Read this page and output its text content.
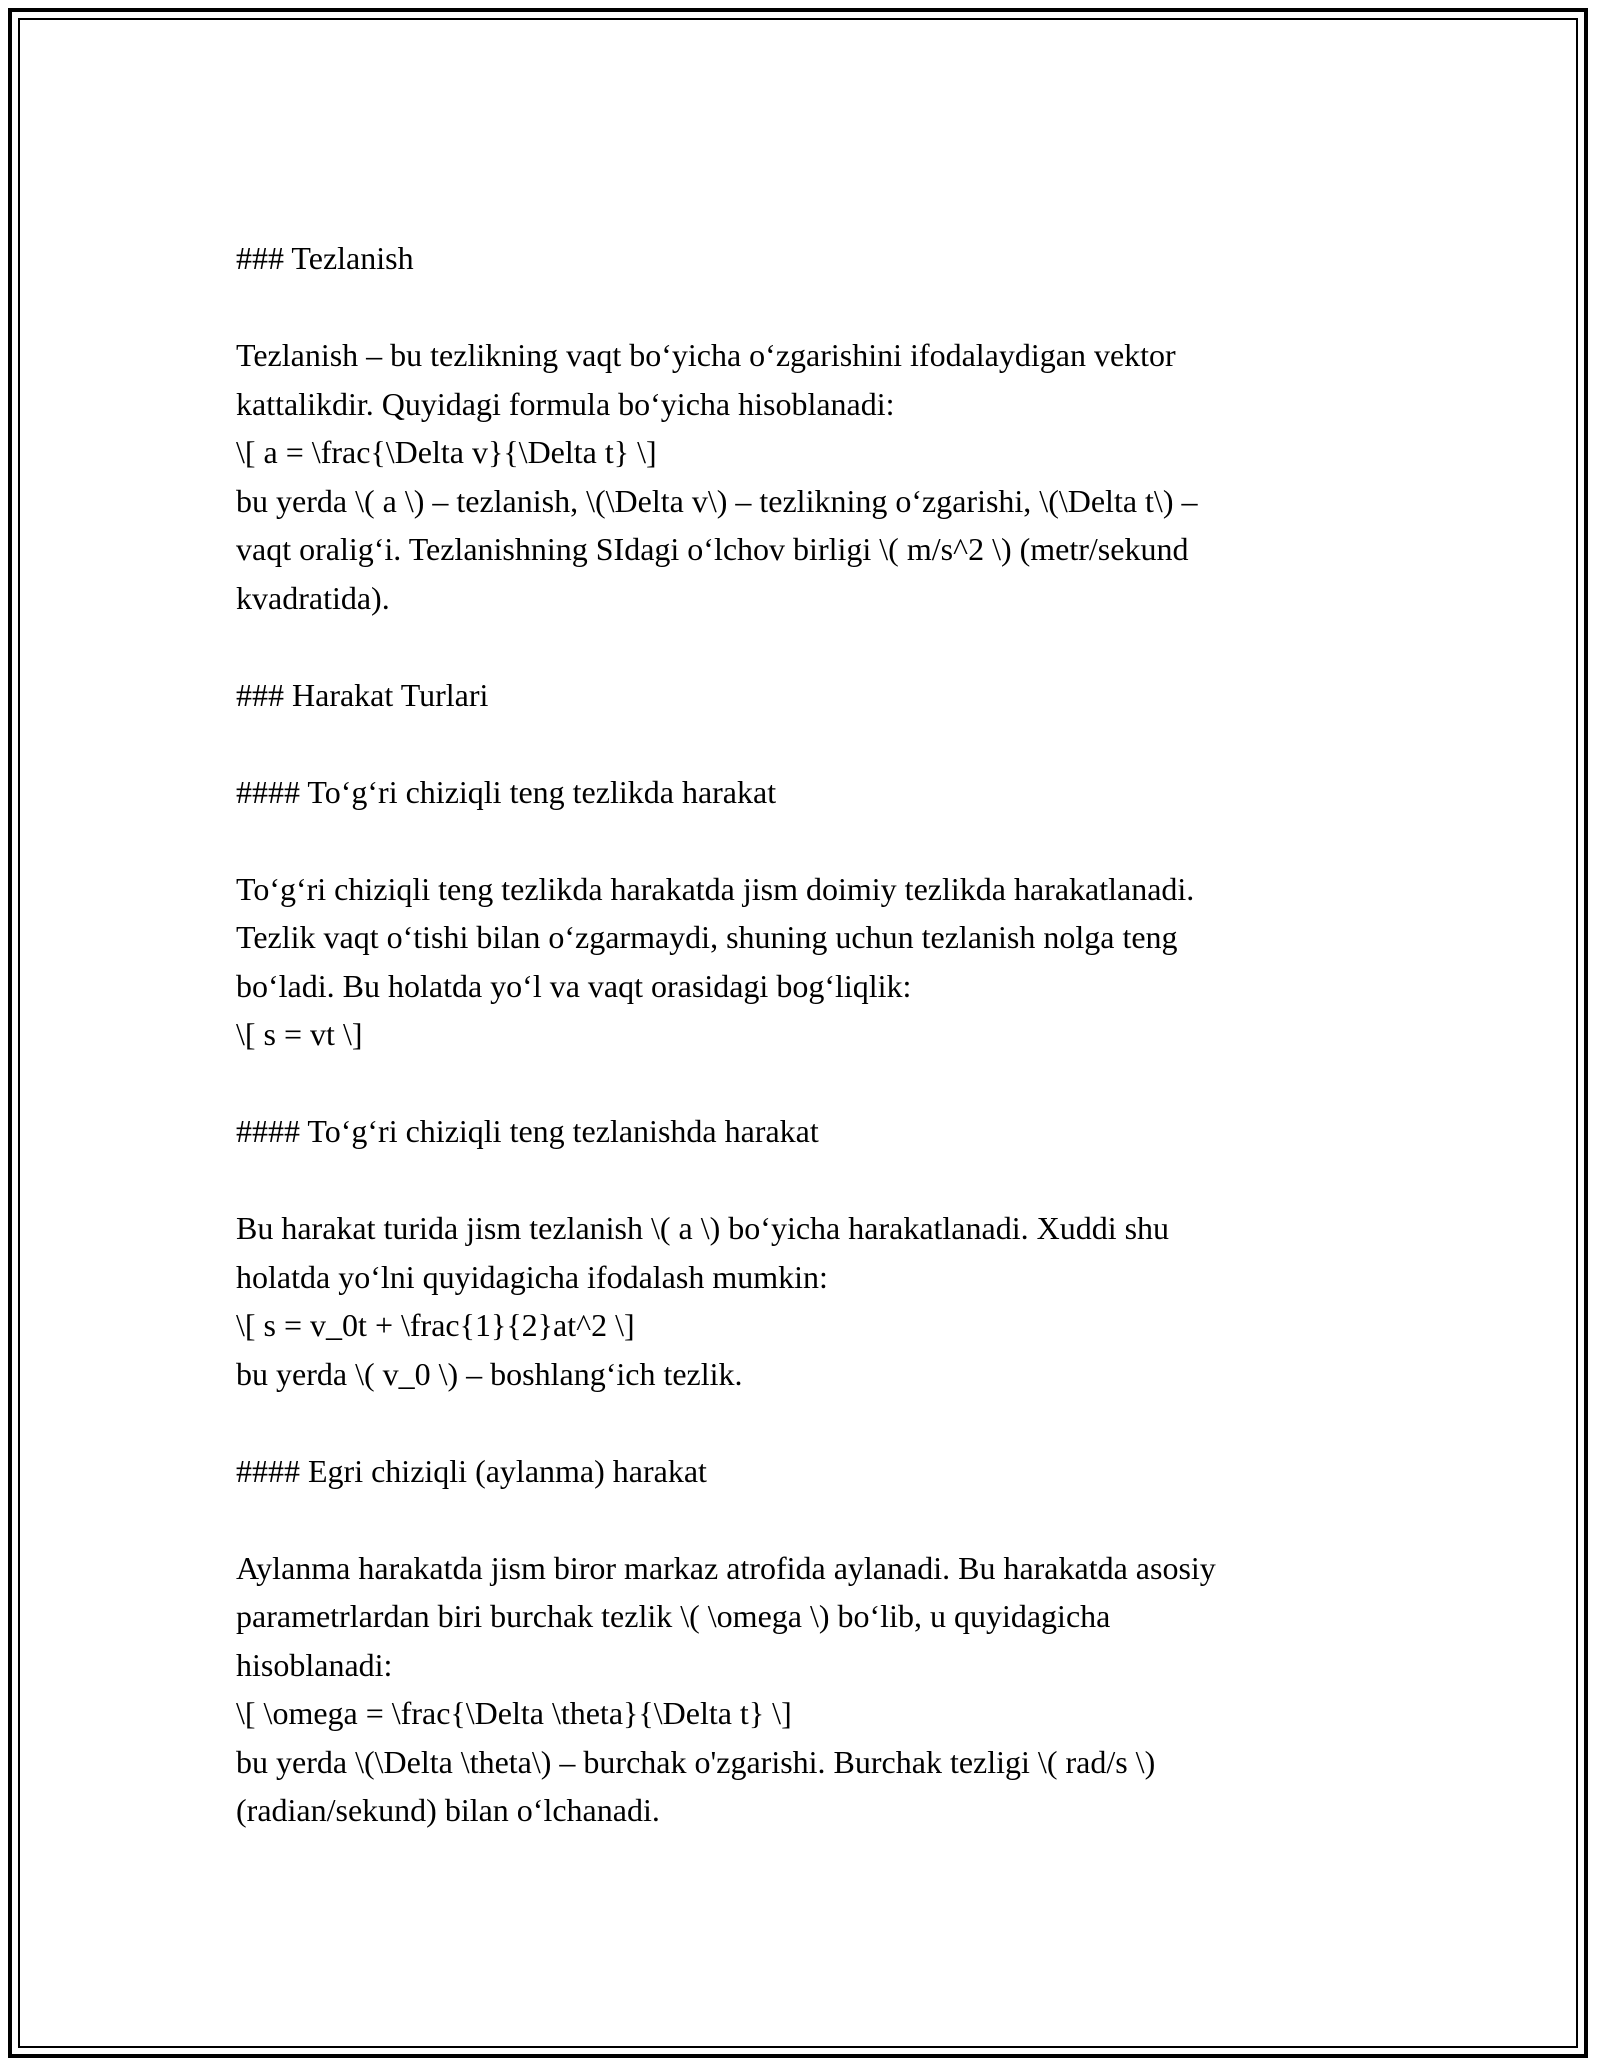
### Tezlanish
Tezlanish – bu tezlikning vaqt bo‘yicha o‘zgarishini ifodalaydigan vektor
kattalikdir. Quyidagi formula bo‘yicha hisoblanadi:
\[ a = \frac{\Delta v}{\Delta t} \]
bu yerda \( a \) – tezlanish, \(\Delta v\) – tezlikning o‘zgarishi, \(\Delta t\) –
vaqt oralig‘i. Tezlanishning SIdagi o‘lchov birligi \( m/s^2 \) (metr/sekund
kvadratida).
### Harakat Turlari
#### To‘g‘ri chiziqli teng tezlikda harakat
To‘g‘ri chiziqli teng tezlikda harakatda jism doimiy tezlikda harakatlanadi.
Tezlik vaqt o‘tishi bilan o‘zgarmaydi, shuning uchun tezlanish nolga teng
bo‘ladi. Bu holatda yo‘l va vaqt orasidagi bog‘liqlik:
\[ s = vt \]
#### To‘g‘ri chiziqli teng tezlanishda harakat
Bu harakat turida jism tezlanish \( a \) bo‘yicha harakatlanadi. Xuddi shu
holatda yo‘lni quyidagicha ifodalash mumkin:
\[ s = v_0t + \frac{1}{2}at^2 \]
bu yerda \( v_0 \) – boshlang‘ich tezlik.
#### Egri chiziqli (aylanma) harakat
Aylanma harakatda jism biror markaz atrofida aylanadi. Bu harakatda asosiy
parametrlardan biri burchak tezlik \( \omega \) bo‘lib, u quyidagicha
hisoblanadi:
\[ \omega = \frac{\Delta \theta}{\Delta t} \]
bu yerda \(\Delta \theta\) – burchak o'zgarishi. Burchak tezligi \( rad/s \)
(radian/sekund) bilan o‘lchanadi.
